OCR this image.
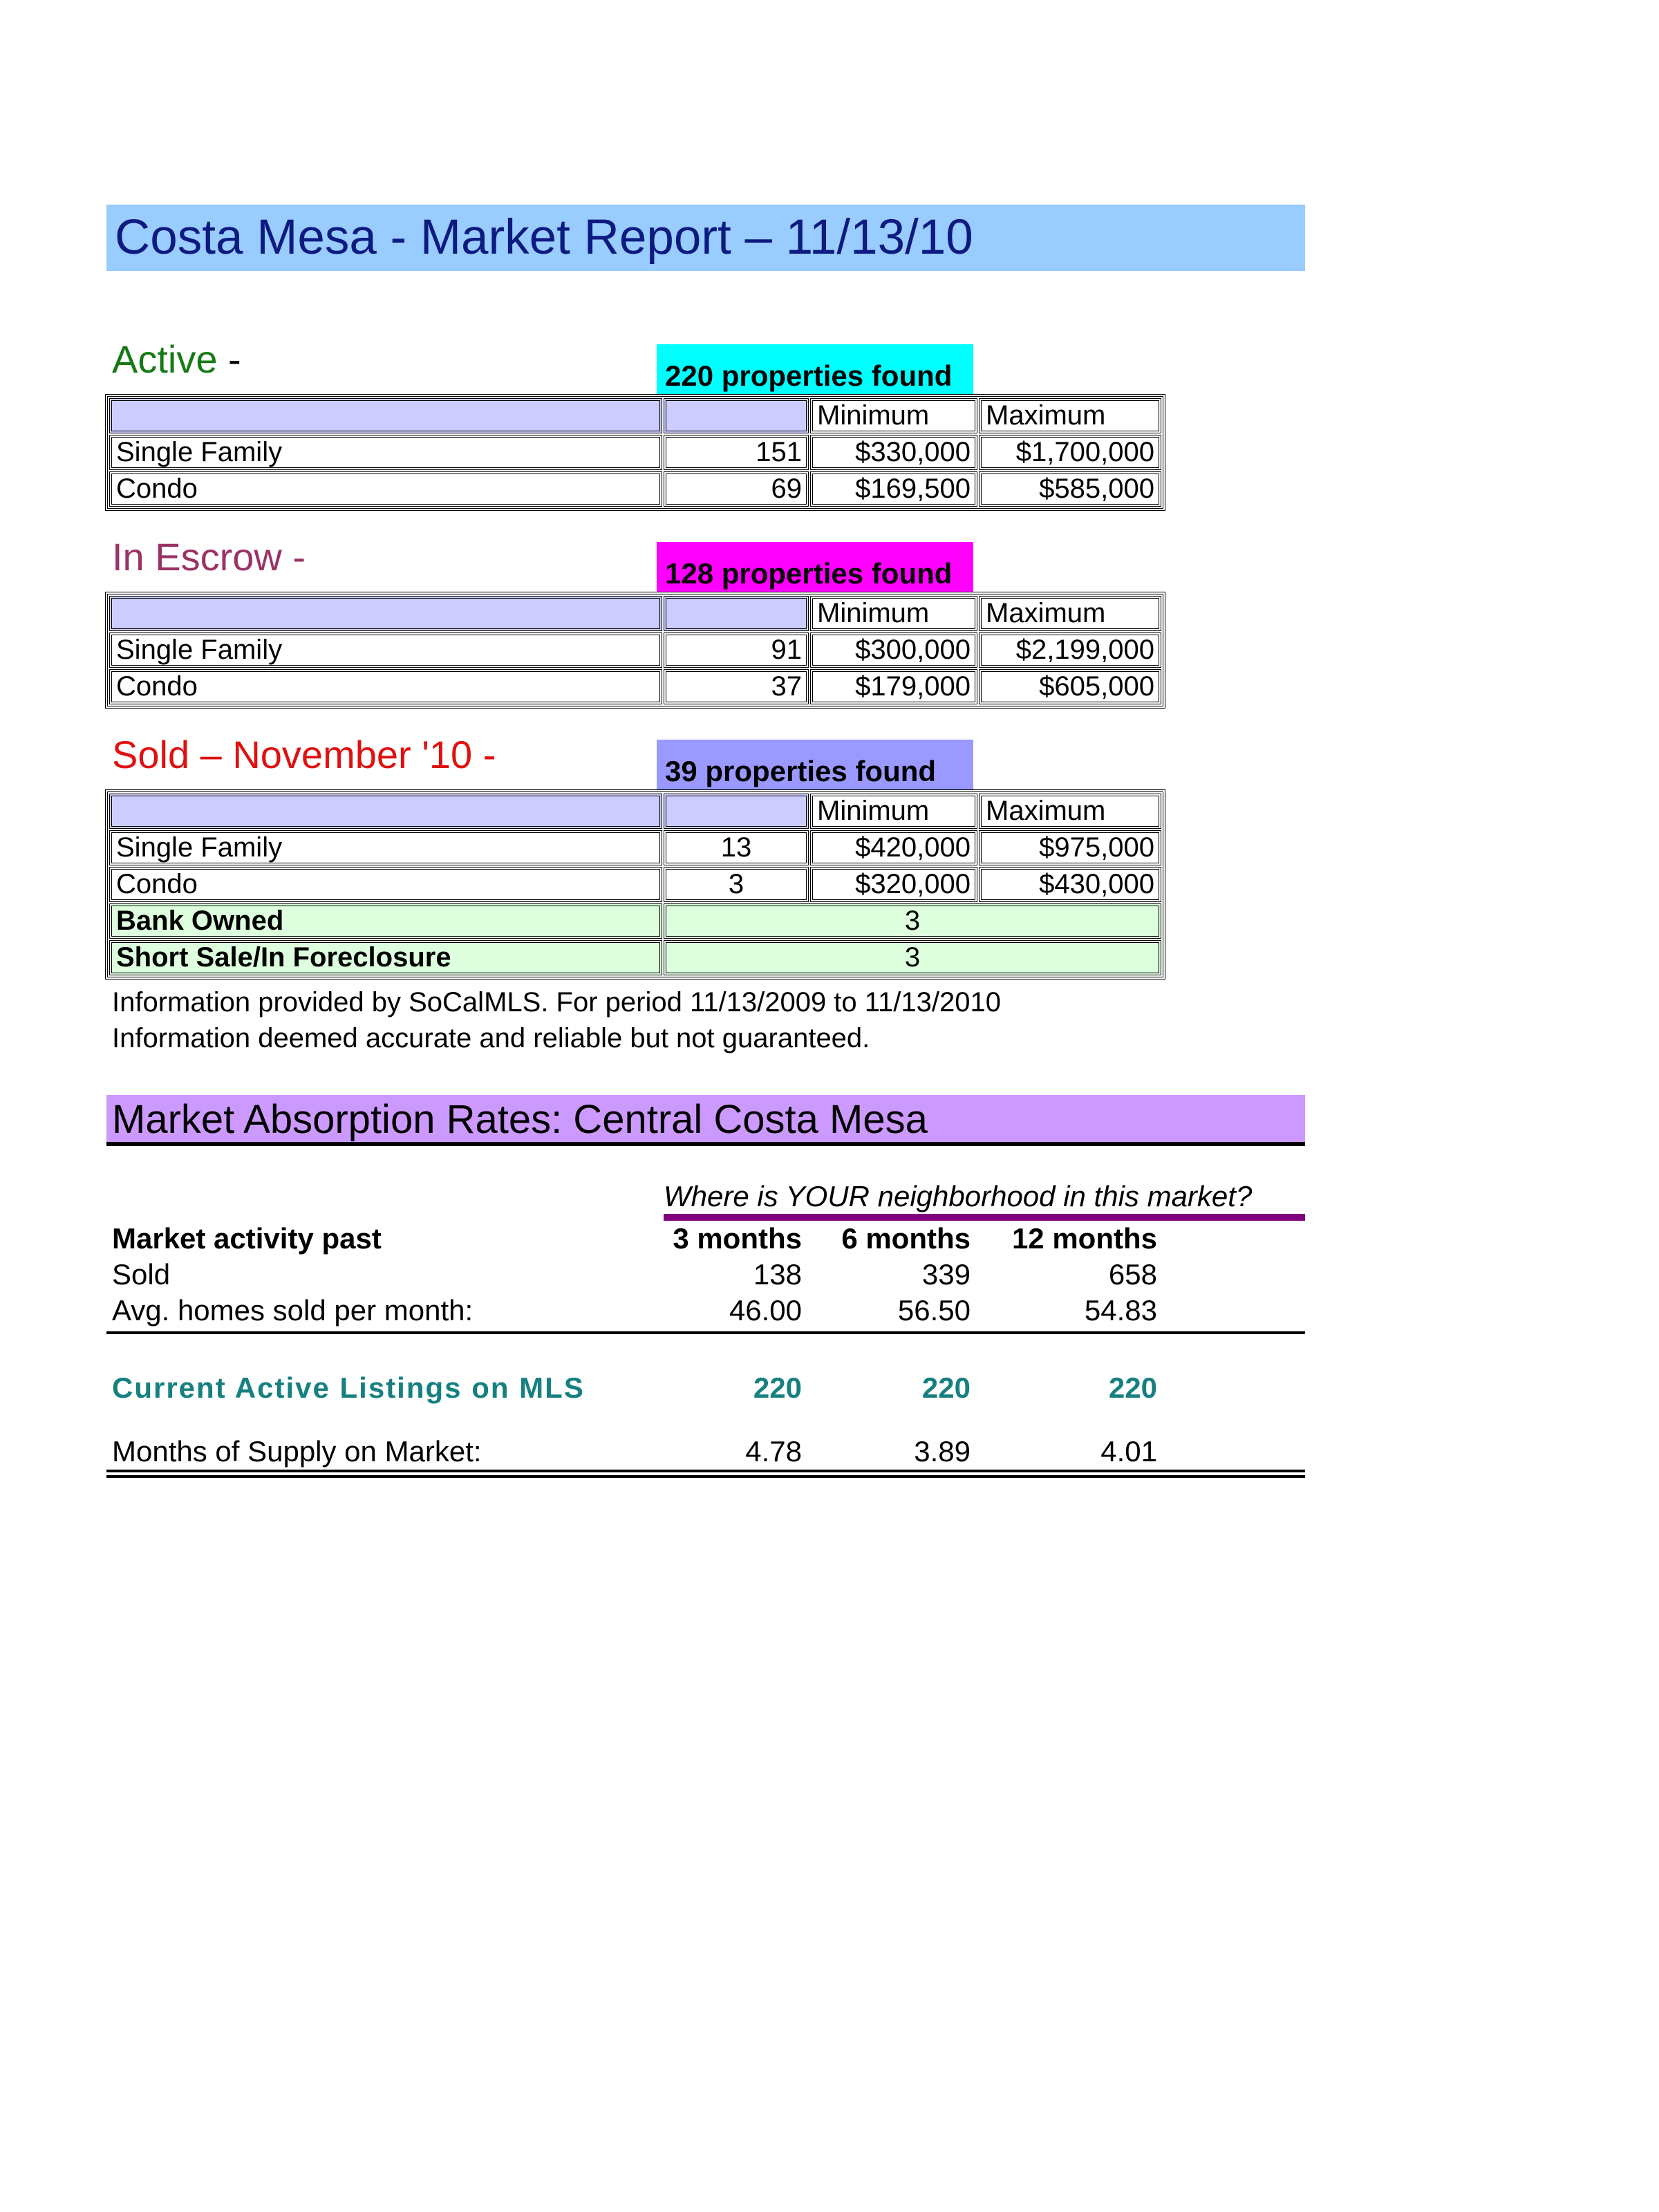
Costa Mesa - Market Report – 11/13/10
Active -	220 properties found
		Minimum	Maximum
Single Family	151	$330,000	$1,700,000
Condo	69	$169,500	$585,000
In Escrow -	128 properties found
		Minimum	Maximum
Single Family	91	$300,000	$2,199,000
Condo	37	$179,000	$605,000
Sold – November '10 -	39 properties found
		Minimum	Maximum
Single Family	13	$420,000	$975,000
Condo	3	$320,000	$430,000
Bank Owned	3		
Short Sale/In Foreclosure	3		
Information provided by SoCalMLS. For period 11/13/2009 to 11/13/2010
Information deemed accurate and reliable but not guaranteed.
Market Absorption Rates: Central Costa Mesa
Where is YOUR neighborhood in this market?
Market activity past	3 months	6 months	12 months
Sold	138	339	658
Avg. homes sold per month:	46.00	56.50	54.83
Current Active Listings on MLS	220	220	220
Months of Supply on Market:	4.78	3.89	4.01
